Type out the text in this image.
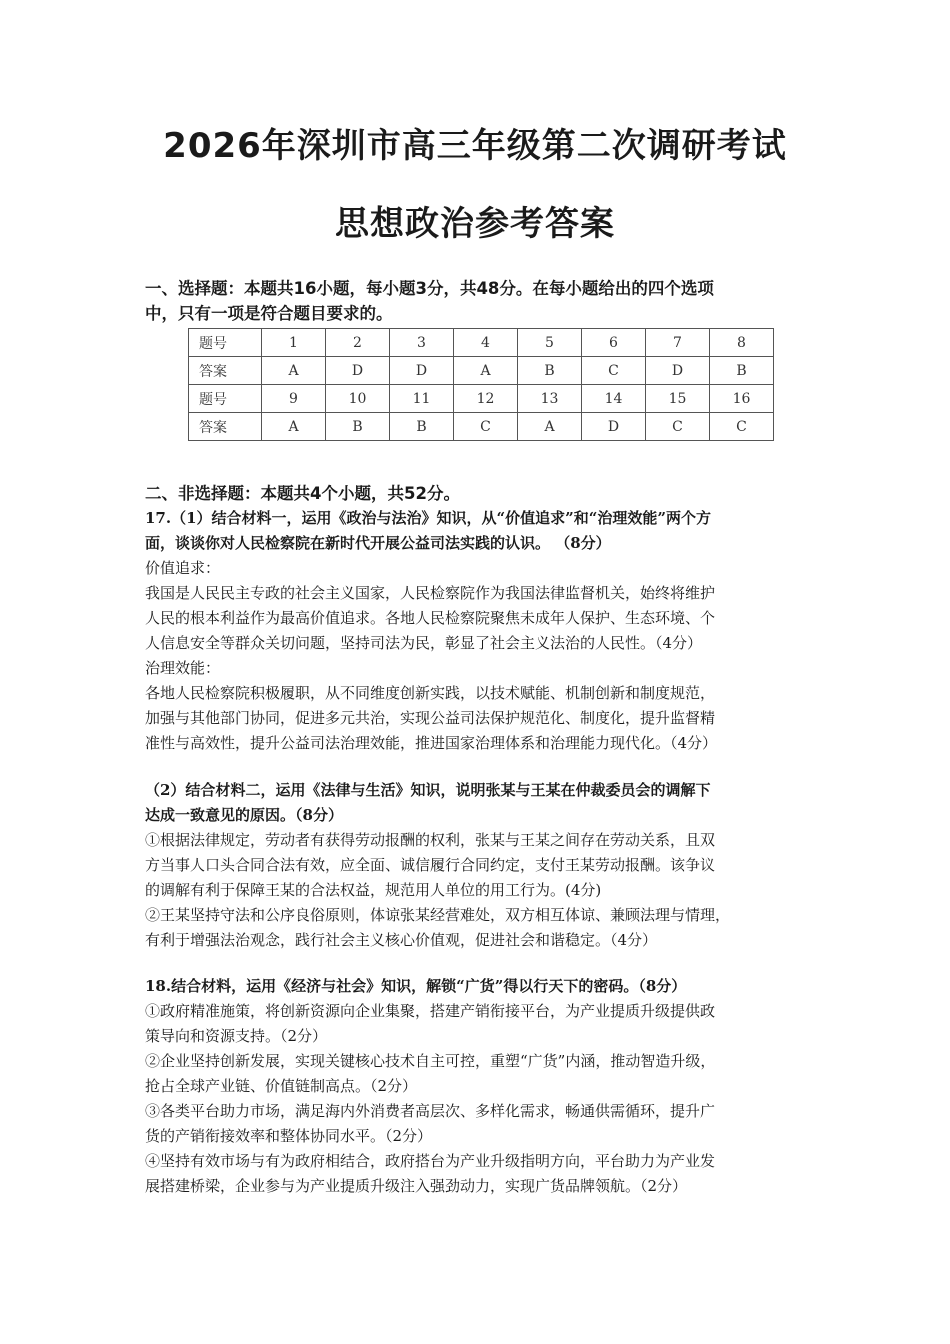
2026年深圳市高三年级第二次调研考试
思想政治参考答案

一、选择题：本题共16小题，每小题3分，共48分。在每小题给出的四个选项

中，只有一项是符合题目要求的。

题号	1	2	3	4	5	6	7	8
答案	A	D	D	A	B	C	D	B
题号	9	10	11	12	13	14	15	16
答案	A	B	B	C	A	D	C	C

二、非选择题：本题共4个小题，共52分。

17.（1）结合材料一，运用《政治与法治》知识，从“价值追求”和“治理效能”两个方

面，谈谈你对人民检察院在新时代开展公益司法实践的认识。 （8分）

价值追求：

我国是人民民主专政的社会主义国家，人民检察院作为我国法律监督机关，始终将维护

人民的根本利益作为最高价值追求。各地人民检察院聚焦未成年人保护、生态环境、个

人信息安全等群众关切问题，坚持司法为民，彰显了社会主义法治的人民性。（4分）

治理效能：

各地人民检察院积极履职，从不同维度创新实践，以技术赋能、机制创新和制度规范，

加强与其他部门协同，促进多元共治，实现公益司法保护规范化、制度化，提升监督精

准性与高效性，提升公益司法治理效能，推进国家治理体系和治理能力现代化。（4分）

（2）结合材料二，运用《法律与生活》知识，说明张某与王某在仲裁委员会的调解下

达成一致意见的原因。（8分）

①根据法律规定，劳动者有获得劳动报酬的权利，张某与王某之间存在劳动关系，且双

方当事人口头合同合法有效，应全面、诚信履行合同约定，支付王某劳动报酬。该争议

的调解有利于保障王某的合法权益，规范用人单位的用工行为。(4分)

②王某坚持守法和公序良俗原则，体谅张某经营难处，双方相互体谅、兼顾法理与情理，

有利于增强法治观念，践行社会主义核心价值观，促进社会和谐稳定。（4分）

18.结合材料，运用《经济与社会》知识，解锁“广货”得以行天下的密码。（8分）

①政府精准施策，将创新资源向企业集聚，搭建产销衔接平台，为产业提质升级提供政

策导向和资源支持。（2分）

②企业坚持创新发展，实现关键核心技术自主可控，重塑“广货”内涵，推动智造升级，

抢占全球产业链、价值链制高点。（2分）

③各类平台助力市场，满足海内外消费者高层次、多样化需求，畅通供需循环，提升广

货的产销衔接效率和整体协同水平。（2分）

④坚持有效市场与有为政府相结合，政府搭台为产业升级指明方向，平台助力为产业发

展搭建桥梁，企业参与为产业提质升级注入强劲动力，实现广货品牌领航。（2分）
